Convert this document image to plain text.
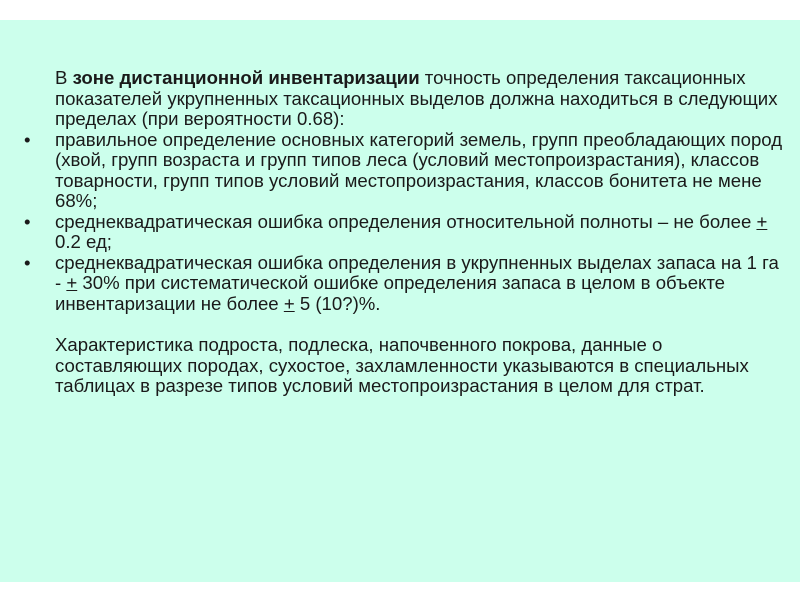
В зоне дистанционной инвентаризации точность определения таксационных показателей укрупненных таксационных выделов должна находиться в следующих пределах (при вероятности 0.68):

• правильное определение основных категорий земель, групп преобладающих пород (хвой, групп возраста и групп типов леса (условий местопроизрастания), классов товарности, групп типов условий местопроизрастания, классов бонитета не мене 68%;
• среднеквадратическая ошибка определения относительной полноты – не более + 0.2 ед;
• среднеквадратическая ошибка определения в укрупненных выделах запаса на 1 га - + 30% при систематической ошибке определения запаса в целом в объекте инвентаризации не более + 5 (10?)%.

Характеристика подроста, подлеска, напочвенного покрова, данные о составляющих породах, сухостое, захламленности указываются в специальных таблицах в разрезе типов условий местопроизрастания в целом для страт.
